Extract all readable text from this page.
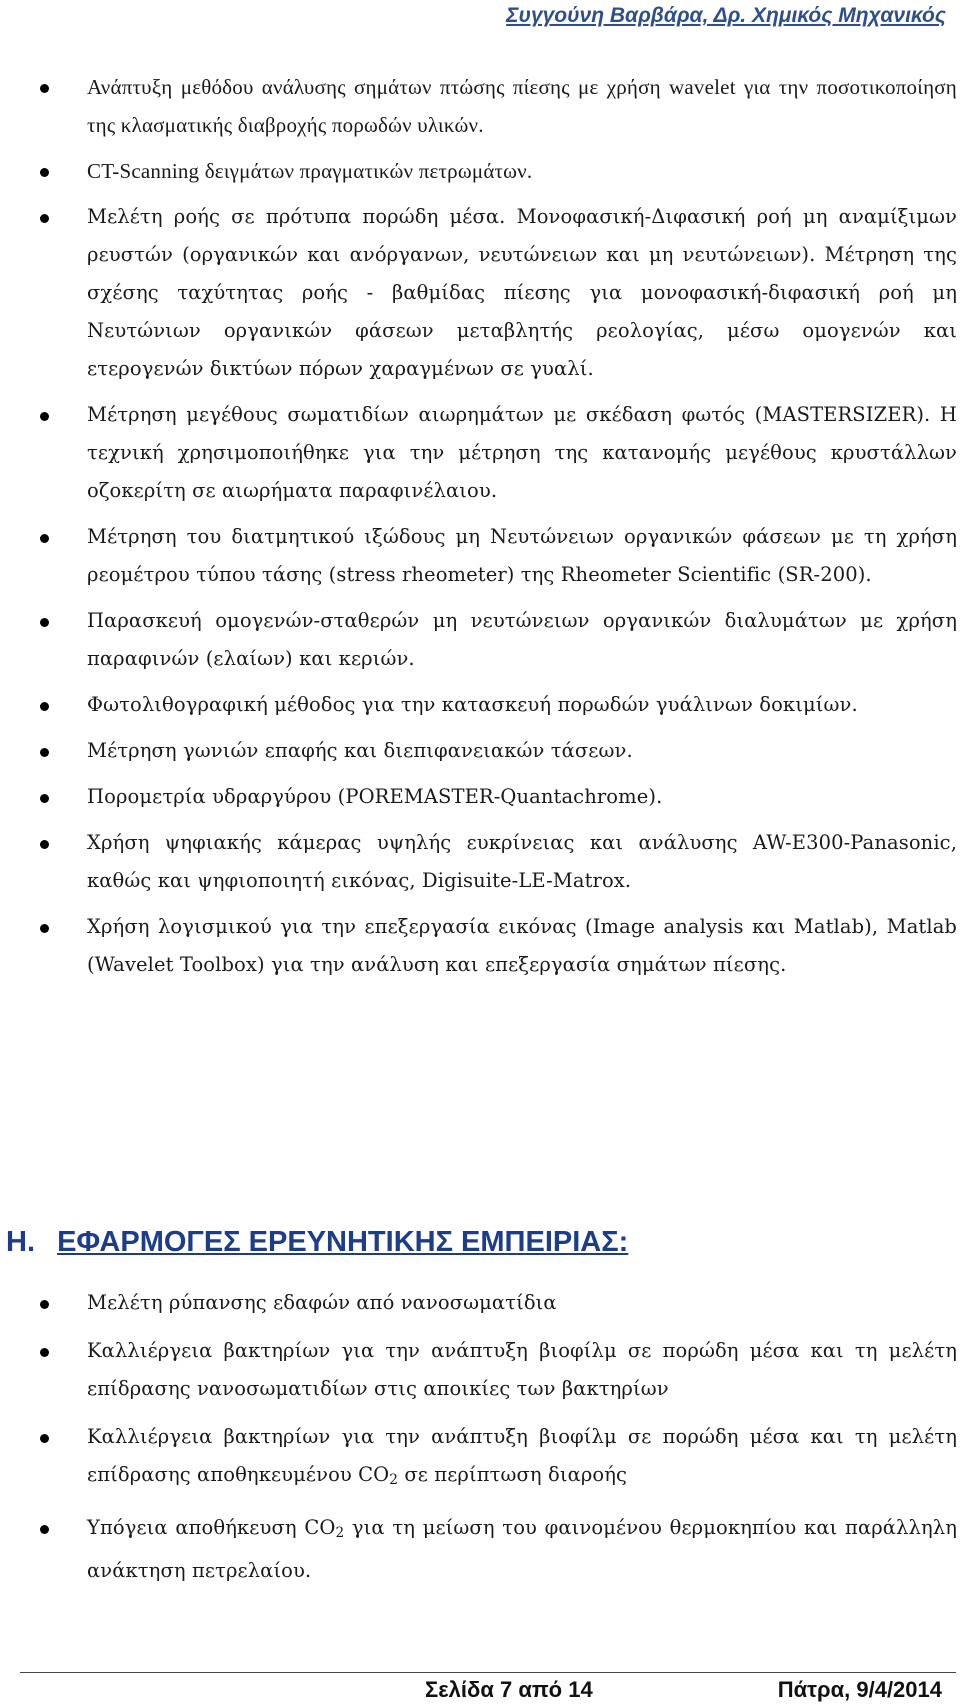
Συγγούνη Βαρβάρα, Δρ. Χημικός Μηχανικός
Ανάπτυξη μεθόδου ανάλυσης σημάτων πτώσης πίεσης με χρήση wavelet για την ποσοτικοποίηση της κλασματικής διαβροχής πορωδών υλικών.
CT-Scanning δειγμάτων πραγματικών πετρωμάτων.
Μελέτη ροής σε πρότυπα πορώδη μέσα. Μονοφασική-Διφασική ροή μη αναμίξιμων ρευστών (οργανικών και ανόργανων, νευτώνειων και μη νευτώνειων). Μέτρηση της σχέσης ταχύτητας ροής - βαθμίδας πίεσης για μονοφασική-διφασική ροή μη Νευτώνιων οργανικών φάσεων μεταβλητής ρεολογίας, μέσω ομογενών και ετερογενών δικτύων πόρων χαραγμένων σε γυαλί.
Μέτρηση μεγέθους σωματιδίων αιωρημάτων με σκέδαση φωτός (MASTERSIZER). Η τεχνική χρησιμοποιήθηκε για την μέτρηση της κατανομής μεγέθους κρυστάλλων οζοκερίτη σε αιωρήματα παραφινέλαιου.
Μέτρηση του διατμητικού ιξώδους μη Νευτώνειων οργανικών φάσεων με τη χρήση ρεομέτρου τύπου τάσης (stress rheometer) της Rheometer Scientific (SR-200).
Παρασκευή ομογενών-σταθερών μη νευτώνειων οργανικών διαλυμάτων με χρήση παραφινών (ελαίων) και κεριών.
Φωτολιθογραφική μέθοδος για την κατασκευή πορωδών γυάλινων δοκιμίων.
Μέτρηση γωνιών επαφής και διεπιφανειακών τάσεων.
Πορομετρία υδραργύρου (POREMASTER-Quantachrome).
Χρήση ψηφιακής κάμερας υψηλής ευκρίνειας και ανάλυσης AW-E300-Panasonic, καθώς και ψηφιοποιητή εικόνας, Digisuite-LE-Matrox.
Χρήση λογισμικού για την επεξεργασία εικόνας (Image analysis και Matlab), Matlab (Wavelet Toolbox) για την ανάλυση και επεξεργασία σημάτων πίεσης.
H. ΕΦΑΡΜΟΓΕΣ ΕΡΕΥΝΗΤΙΚΗΣ ΕΜΠΕΙΡΙΑΣ:
Μελέτη ρύπανσης εδαφών από νανοσωματίδια
Καλλιέργεια βακτηρίων για την ανάπτυξη βιοφίλμ σε πορώδη μέσα και τη μελέτη επίδρασης νανοσωματιδίων στις αποικίες των βακτηρίων
Καλλιέργεια βακτηρίων για την ανάπτυξη βιοφίλμ σε πορώδη μέσα και τη μελέτη επίδρασης αποθηκευμένου $CO_2$ σε περίπτωση διαροής
Υπόγεια αποθήκευση $CO_2$ για τη μείωση του φαινομένου θερμοκηπίου και παράλληλη ανάκτηση πετρελαίου.
Σελίδα 7 από 14	Πάτρα, 9/4/2014
